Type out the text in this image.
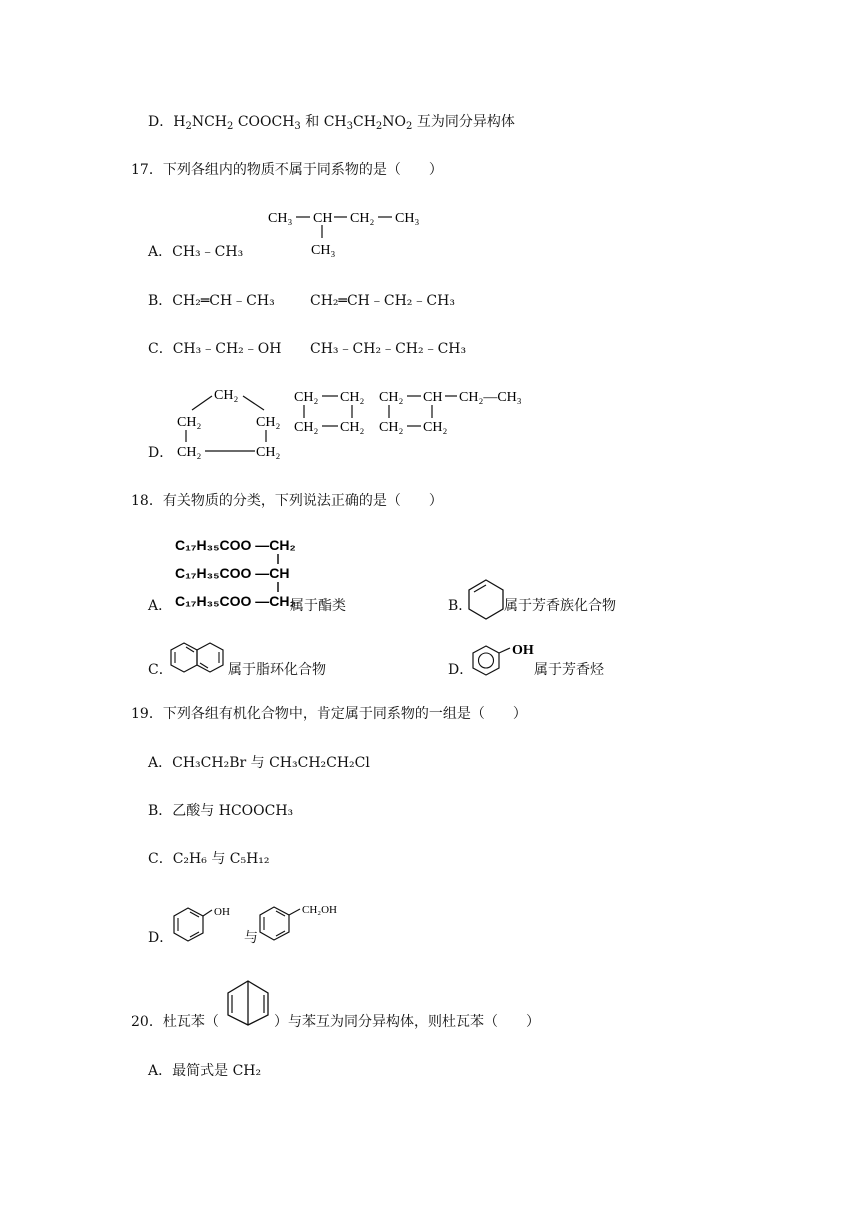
D．$H_2NCH_2$ $COOCH_3$ 和 $CH_3CH_2NO_2$ 互为同分异构体
17．下列各组内的物质不属于同系物的是（　　）
CH₃ CH CH₂ CH₃
CH₃
A．CH₃﹣CH₃
B．CH₂═CH﹣CH₃	CH₂═CH﹣CH₂﹣CH₃
C．CH₃﹣CH₂﹣OH CH₃﹣CH₂﹣CH₂﹣CH₃
D．
CH₂
CH₂	CH₂
CH₂	CH₂
CH₂ CH₂
CH₂ CH₂
CH₂ CH CH₂—CH₃
CH₂ CH₂
18．有关物质的分类，下列说法正确的是（　　）
C₁₇H₃₅COO —CH₂
C₁₇H₃₅COO —CH
C₁₇H₃₅COO —CH₂
A．	属于酯类	B． 属于芳香族化合物
C．	属于脂环化合物	D．
OH
属于芳香烃
19．下列各组有机化合物中，肯定属于同系物的一组是（　　）
A．CH₃CH₂Br 与 CH₃CH₂CH₂Cl
B．乙酸与 HCOOCH₃
C．C₂H₆ 与 C₅H₁₂
D．
OH
与
CH₂OH
20．杜瓦苯（	）与苯互为同分异构体，则杜瓦苯（　　）
A．最简式是 CH₂
